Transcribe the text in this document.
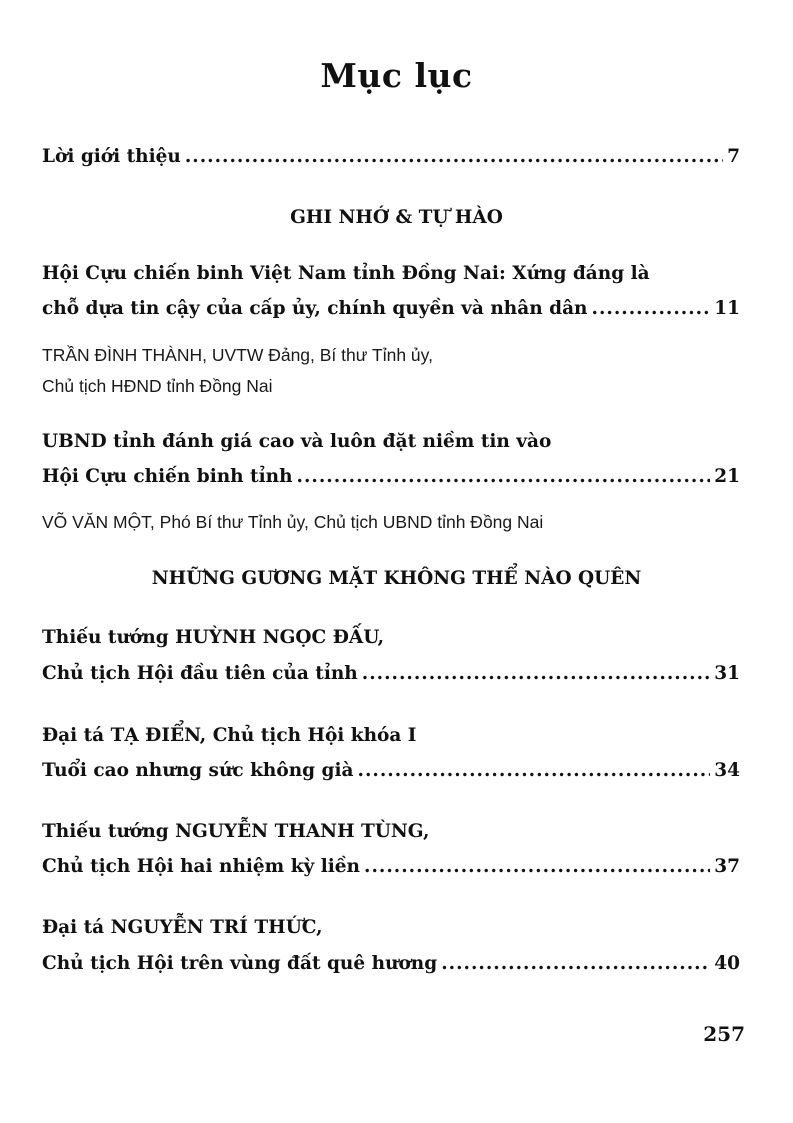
Mục lục
Lời giới thiệu .....	7
GHI NHỚ & TỰ HÀO
Hội Cựu chiến binh Việt Nam tỉnh Đồng Nai: Xứng đáng là
chỗ dựa tin cậy của cấp ủy, chính quyền và nhân dân .....	11
TRẦN ĐÌNH THÀNH, UVTW Đảng, Bí thư Tỉnh ủy,
Chủ tịch HĐND tỉnh Đồng Nai
UBND tỉnh đánh giá cao và luôn đặt niềm tin vào
Hội Cựu chiến binh tỉnh .....	21
VÕ VĂN MỘT, Phó Bí thư Tỉnh ủy, Chủ tịch UBND tỉnh Đồng Nai
NHỮNG GƯƠNG MẶT KHÔNG THỂ NÀO QUÊN
Thiếu tướng HUỲNH NGỌC ĐẤU,
Chủ tịch Hội đầu tiên của tỉnh .....	31
Đại tá TẠ ĐIỂN, Chủ tịch Hội khóa I
Tuổi cao nhưng sức không già .....	34
Thiếu tướng NGUYỄN THANH TÙNG,
Chủ tịch Hội hai nhiệm kỳ liền .....	37
Đại tá NGUYỄN TRÍ THỨC,
Chủ tịch Hội trên vùng đất quê hương .....	40
257
